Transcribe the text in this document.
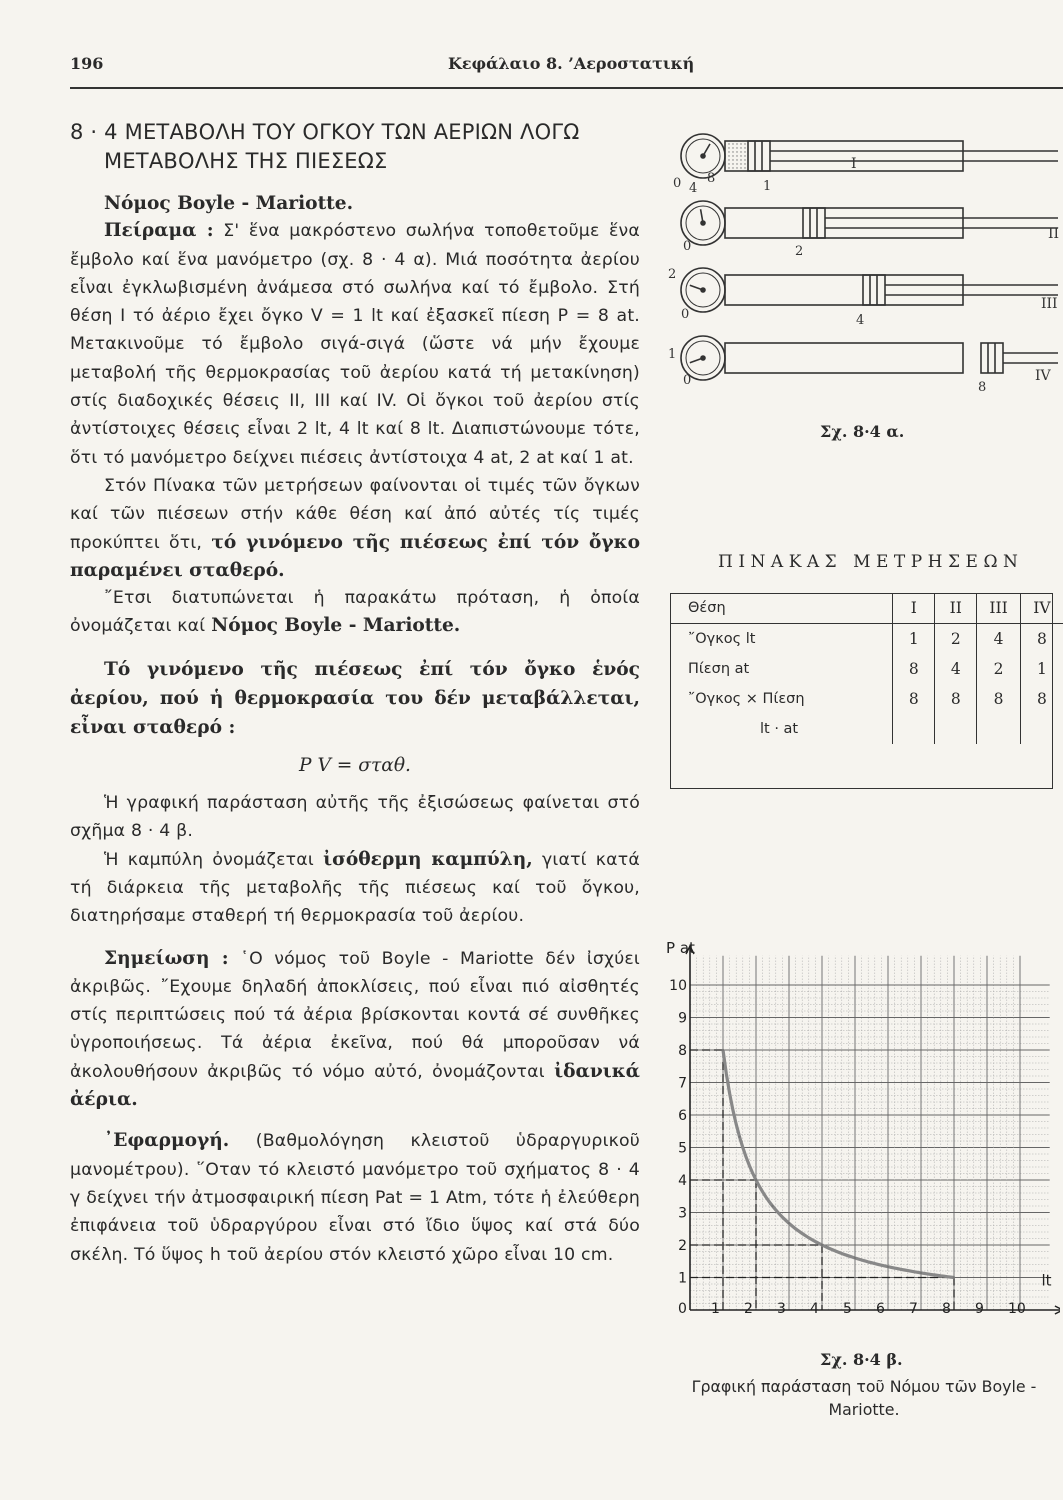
196	Κεφάλαιο 8. ’Αεροστατική
8 · 4 ΜΕΤΑΒΟΛΗ ΤΟΥ ΟΓΚΟΥ ΤΩΝ ΑΕΡΙΩΝ ΛΟΓΩ
ΜΕΤΑΒΟΛΗΣ ΤΗΣ ΠΙΕΣΕΩΣ

Νόμος Boyle - Mariotte.

Πείραμα : Σ' ἕνα μακρόστενο σωλήνα τοποθετοῦμε ἕνα ἔμβολο καί ἕνα μανόμετρο (σχ. 8 · 4 α). Μιά ποσότητα ἀερίου εἶναι ἐγκλωβισμένη ἀνάμεσα στό σωλήνα καί τό ἔμβολο. Στή θέση I τό ἀέριο ἔχει ὄγκο V = 1 lt καί ἐξασκεῖ πίεση P = 8 at. Μετακινοῦμε τό ἔμβολο σιγά-σιγά (ὥστε νά μήν ἔχουμε μεταβολή τῆς θερμοκρασίας τοῦ ἀερίου κατά τή μετακίνηση) στίς διαδοχικές θέσεις II, III καί IV. Οἱ ὄγκοι τοῦ ἀερίου στίς ἀντίστοιχες θέσεις εἶναι 2 lt, 4 lt καί 8 lt. Διαπιστώνουμε τότε, ὅτι τό μανόμετρο δείχνει πιέσεις ἀντίστοιχα 4 at, 2 at καί 1 at.

Στόν Πίνακα τῶν μετρήσεων φαίνονται οἱ τιμές τῶν ὄγκων καί τῶν πιέσεων στήν κάθε θέση καί ἀπό αὐτές τίς τιμές προκύπτει ὅτι, τό γινόμενο τῆς πιέσεως ἐπί τόν ὄγκο παραμένει σταθερό.

῎Ετσι διατυπώνεται ἡ παρακάτω πρόταση, ἡ ὁποία ὀνομάζεται καί Νόμος Boyle - Mariotte.

Τό γινόμενο τῆς πιέσεως ἐπί τόν ὄγκο ἑνός ἀερίου, πού ἡ θερμοκρασία του δέν μεταβάλλεται, εἶναι σταθερό :

P V = σταθ.

Ἡ γραφική παράσταση αὐτῆς τῆς ἐξισώσεως φαίνεται στό σχῆμα 8 · 4 β.

Ἡ καμπύλη ὀνομάζεται ἰσόθερμη καμπύλη, γιατί κατά τή διάρκεια τῆς μεταβολῆς τῆς πιέσεως καί τοῦ ὄγκου, διατηρήσαμε σταθερή τή θερμοκρασία τοῦ ἀερίου.

Σημείωση : ῾Ο νόμος τοῦ Boyle - Mariotte δέν ἰσχύει ἀκριβῶς. ῎Εχουμε δηλαδή ἀποκλίσεις, πού εἶναι πιό αἰσθητές στίς περιπτώσεις πού τά ἀέρια βρίσκονται κοντά σέ συνθῆκες ὑγροποιήσεως. Τά ἀέρια ἐκεῖνα, πού θά μποροῦσαν νά ἀκολουθήσουν ἀκριβῶς τό νόμο αὐτό, ὀνομάζονται ἰδανικά ἀέρια.

᾽Εφαρμογή. (Βαθμολόγηση κλειστοῦ ὑδραργυρικοῦ μανομέτρου). ῞Οταν τό κλειστό μανόμετρο τοῦ σχήματος 8 · 4 γ δείχνει τήν ἀτμοσφαιρική πίεση Pat = 1 Atm, τότε ἡ ἐλεύθερη ἐπιφάνεια τοῦ ὑδραργύρου εἶναι στό ἴδιο ὕψος καί στά δύο σκέλη. Τό ὕψος h τοῦ ἀερίου στόν κλειστό χῶρο εἶναι 10 cm.

I
II
III
IV
0 4
8
1
0	2
2
0	4
1
0	8
Σχ. 8·4 α.
ΠΙΝΑΚΑΣ ΜΕΤΡΗΣΕΩΝ
Θέση	I	II	III	IV
῎Ογκος lt	1	2	4	8
Πίεση at	8	4	2	1
῎Ογκος × Πίεση	8	8	8	8
lt · at				
0 1 2 3 4 5 6 7 8 9 10
1
2
3
4
5
6
7
8
9
10
P at
lt
Σχ. 8·4 β.
Γραφική παράσταση τοῦ Νόμου τῶν Boyle - Mariotte.
